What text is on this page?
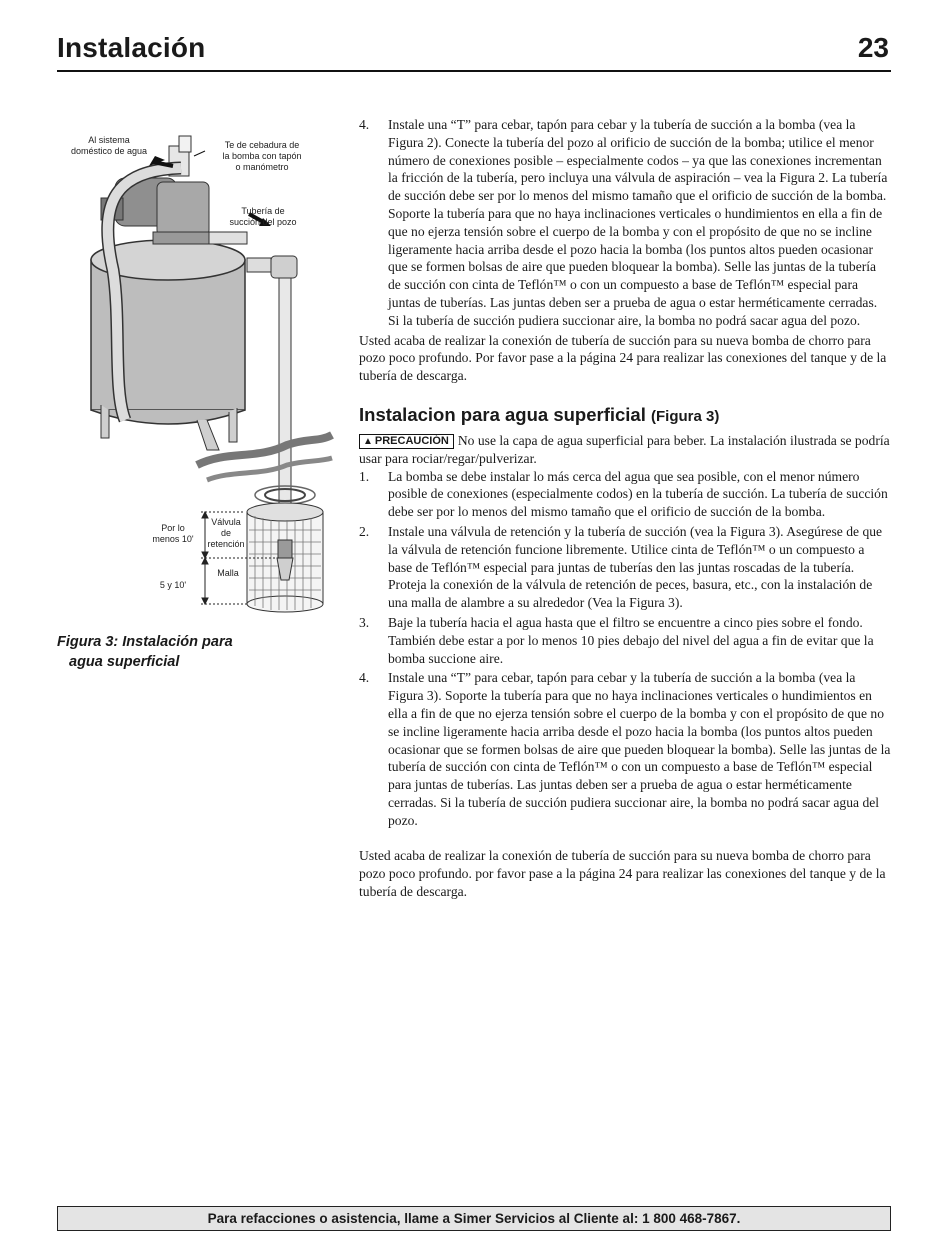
Instalación	23
Al sistema
doméstico de agua
Te de cebadura de
la bomba con tapón
o manómetro
Tubería de
succión del pozo
Por lo
menos 10'
Válvula
de
retención
Malla
5 y 10'
Figura 3: Instalación para
agua superficial
4. Instale una “T” para cebar, tapón para cebar y la tubería de succión a la bomba (vea la Figura 2). Conecte la tubería del pozo al orificio de succión de la bomba; utilice el menor número de conexiones posible – especialmente codos – ya que las conexiones incrementan la fricción de la tubería, pero incluya una válvula de aspiración – vea la Figura 2. La tubería de succión debe ser por lo menos del mismo tamaño que el orificio de succión de la bomba. Soporte la tubería para que no haya inclinaciones verticales o hundimientos en ella a fin de que no ejerza tensión sobre el cuerpo de la bomba y con el propósito de que no se incline ligeramente hacia arriba desde el pozo hacia la bomba (los puntos altos pueden ocasionar que se formen bolsas de aire que pueden bloquear la bomba). Selle las juntas de la tubería de succión con cinta de Teflón™ o con un compuesto a base de Teflón™ especial para juntas de tuberías. Las juntas deben ser a prueba de agua o estar herméticamente cerradas. Si la tubería de succión pudiera succionar aire, la bomba no podrá sacar agua del pozo.

Usted acaba de realizar la conexión de tubería de succión para su nueva bomba de chorro para pozo poco profundo. Por favor pase a la página 24 para realizar las conexiones del tanque y de la tubería de descarga.

Instalacion para agua superficial (Figura 3)

▲ PRECAUCIÓN No use la capa de agua superficial para beber. La instalación ilustrada se podría usar para rociar/regar/pulverizar.

1. La bomba se debe instalar lo más cerca del agua que sea posible, con el menor número posible de conexiones (especialmente codos) en la tubería de succión. La tubería de succión debe ser por lo menos del mismo tamaño que el orificio de succión de la bomba.
2. Instale una válvula de retención y la tubería de succión (vea la Figura 3). Asegúrese de que la válvula de retención funcione libremente. Utilice cinta de Teflón™ o un compuesto a base de Teflón™ especial para juntas de tuberías den las juntas roscadas de la tubería. Proteja la conexión de la válvula de retención de peces, basura, etc., con la instalación de una malla de alambre a su alrededor (Vea la Figura 3).
3. Baje la tubería hacia el agua hasta que el filtro se encuentre a cinco pies sobre el fondo. También debe estar a por lo menos 10 pies debajo del nivel del agua a fin de evitar que la bomba succione aire.
4. Instale una “T” para cebar, tapón para cebar y la tubería de succión a la bomba (vea la Figura 3). Soporte la tubería para que no haya inclinaciones verticales o hundimientos en ella a fin de que no ejerza tensión sobre el cuerpo de la bomba y con el propósito de que no se incline ligeramente hacia arriba desde el pozo hacia la bomba (los puntos altos pueden ocasionar que se formen bolsas de aire que pueden bloquear la bomba). Selle las juntas de la tubería de succión con cinta de Teflón™ o con un compuesto a base de Teflón™ especial para juntas de tuberías. Las juntas deben ser a prueba de agua o estar herméticamente cerradas. Si la tubería de succión pudiera succionar aire, la bomba no podrá sacar agua del pozo.

Usted acaba de realizar la conexión de tubería de succión para su nueva bomba de chorro para pozo poco profundo. por favor pase a la página 24 para realizar las conexiones del tanque y de la tubería de descarga.

Para refacciones o asistencia, llame a Simer Servicios al Cliente al: 1 800 468-7867.
